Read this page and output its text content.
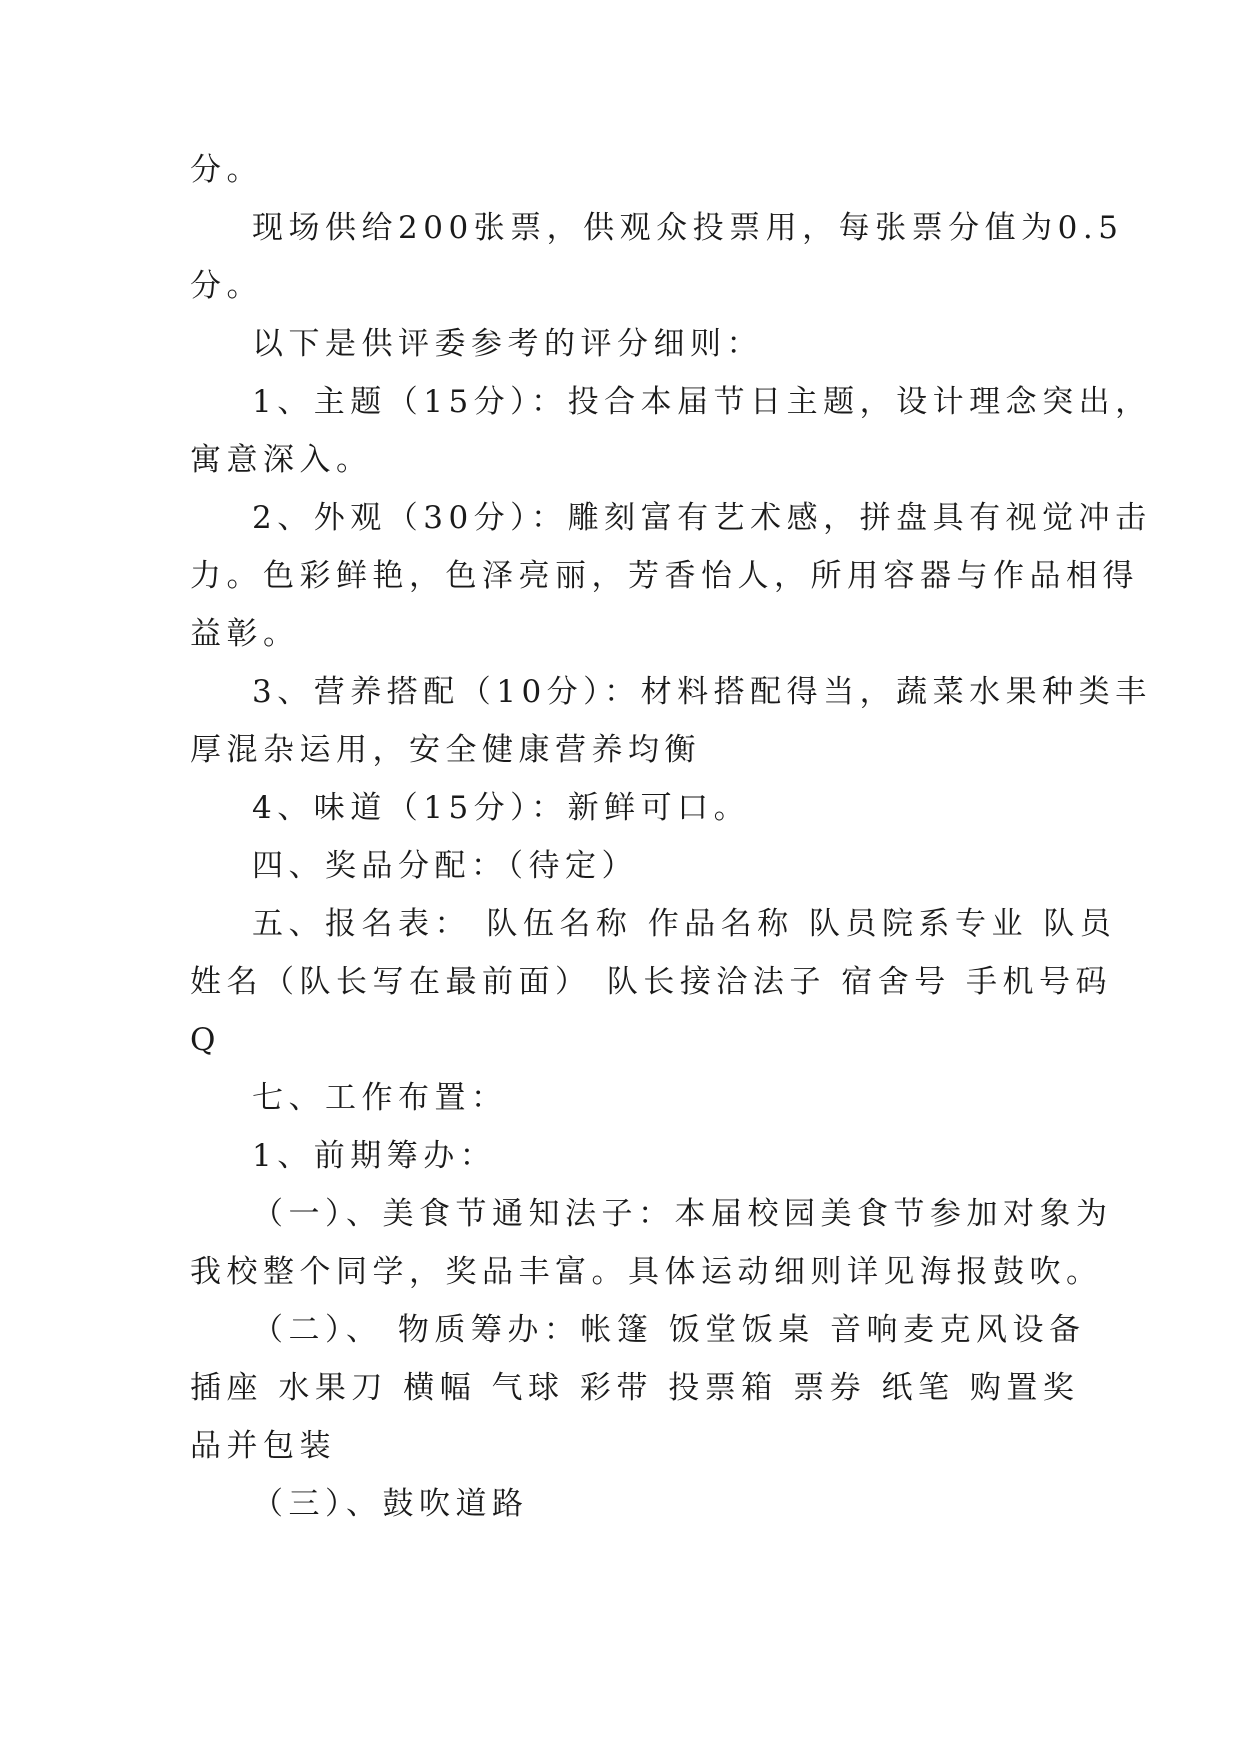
分。
现场供给200张票，供观众投票用，每张票分值为0.5
分。
以下是供评委参考的评分细则：
1、主题（15分）：投合本届节日主题，设计理念突出，
寓意深入。
2、外观（30分）：雕刻富有艺术感，拼盘具有视觉冲击
力。色彩鲜艳，色泽亮丽，芳香怡人，所用容器与作品相得
益彰。
3、营养搭配（10分）：材料搭配得当，蔬菜水果种类丰
厚混杂运用，安全健康营养均衡
4、味道（15分）：新鲜可口。
四、奖品分配：（待定）
五、报名表： 队伍名称 作品名称 队员院系专业 队员
姓名（队长写在最前面） 队长接洽法子 宿舍号 手机号码
Q
七、工作布置：
1、前期筹办：
（一）、美食节通知法子：本届校园美食节参加对象为
我校整个同学，奖品丰富。具体运动细则详见海报鼓吹。
（二）、 物质筹办：帐篷 饭堂饭桌 音响麦克风设备
插座 水果刀 横幅 气球 彩带 投票箱 票券 纸笔 购置奖
品并包装
（三）、鼓吹道路
